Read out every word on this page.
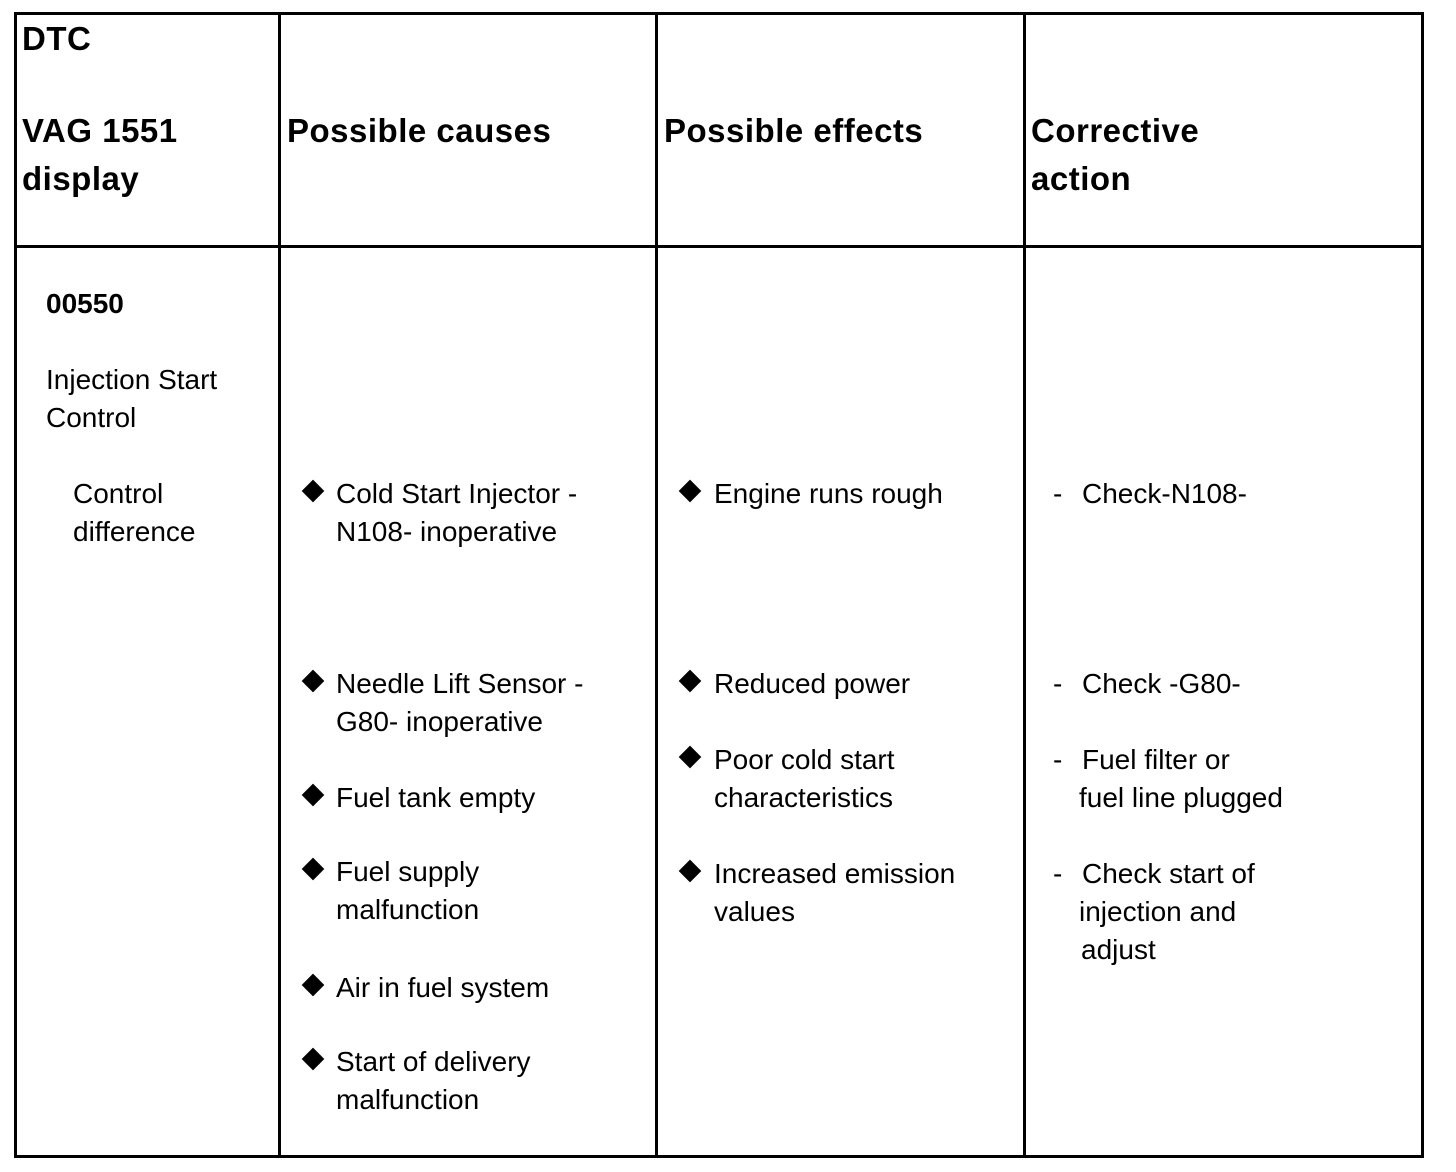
DTC
VAG 1551
display
Possible causes	Possible effects	Corrective
action
00550
Injection Start
Control
Control
difference
Cold Start Injector -
N108- inoperative
Needle Lift Sensor -
G80- inoperative
Fuel tank empty
Fuel supply
malfunction
Air in fuel system
Start of delivery
malfunction
Engine runs rough
Reduced power
Poor cold start
characteristics
Increased emission
values
- Check-N108-
- Check -G80-
- Fuel filter or
fuel line plugged
- Check start of
injection and
adjust
